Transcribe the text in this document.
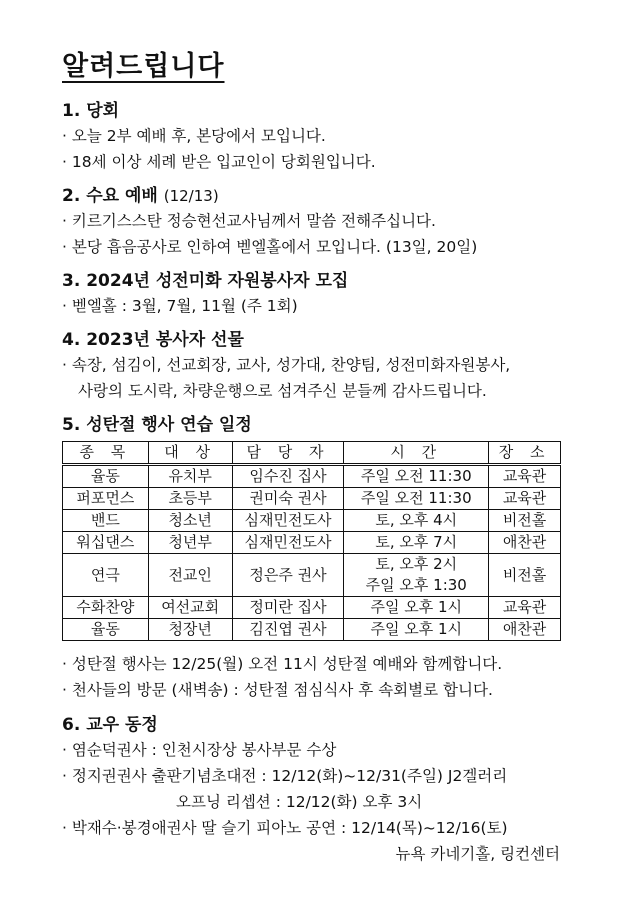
알려드립니다
1. 당회
· 오늘 2부 예배 후, 본당에서 모입니다.
· 18세 이상 세례 받은 입교인이 당회원입니다.
2. 수요 예배 (12/13)
· 키르기스스탄 정승현선교사님께서 말씀 전해주십니다.
· 본당 흡음공사로 인하여 벧엘홀에서 모입니다. (13일, 20일)
3. 2024년 성전미화 자원봉사자 모집
· 벧엘홀 : 3월, 7월, 11월 (주 1회)
4. 2023년 봉사자 선물
· 속장, 섬김이, 선교회장, 교사, 성가대, 찬양팀, 성전미화자원봉사,
사랑의 도시락, 차량운행으로 섬겨주신 분들께 감사드립니다.
5. 성탄절 행사 연습 일정
종 목	대 상	담 당 자	시 간	장 소
율동	유치부	임수진 집사	주일 오전 11:30	교육관
퍼포먼스	초등부	권미숙 권사	주일 오전 11:30	교육관
밴드	청소년	심재민전도사	토, 오후 4시	비전홀
워십댄스	청년부	심재민전도사	토, 오후 7시	애찬관
연극	전교인	정은주 권사	토, 오후 2시
주일 오후 1:30	비전홀
수화찬양	여선교회	정미란 집사	주일 오후 1시	교육관
율동	청장년	김진엽 권사	주일 오후 1시	애찬관
· 성탄절 행사는 12/25(월) 오전 11시 성탄절 예배와 함께합니다.
· 천사들의 방문 (새벽송) : 성탄절 점심식사 후 속회별로 합니다.
6. 교우 동정
· 염순덕권사 : 인천시장상 봉사부문 수상
· 정지권권사 출판기념초대전 : 12/12(화)~12/31(주일) J2겔러리
오프닝 리셉션 : 12/12(화) 오후 3시
· 박재수·봉경애권사 딸 슬기 피아노 공연 : 12/14(목)~12/16(토)
뉴욕 카네기홀, 링컨센터
